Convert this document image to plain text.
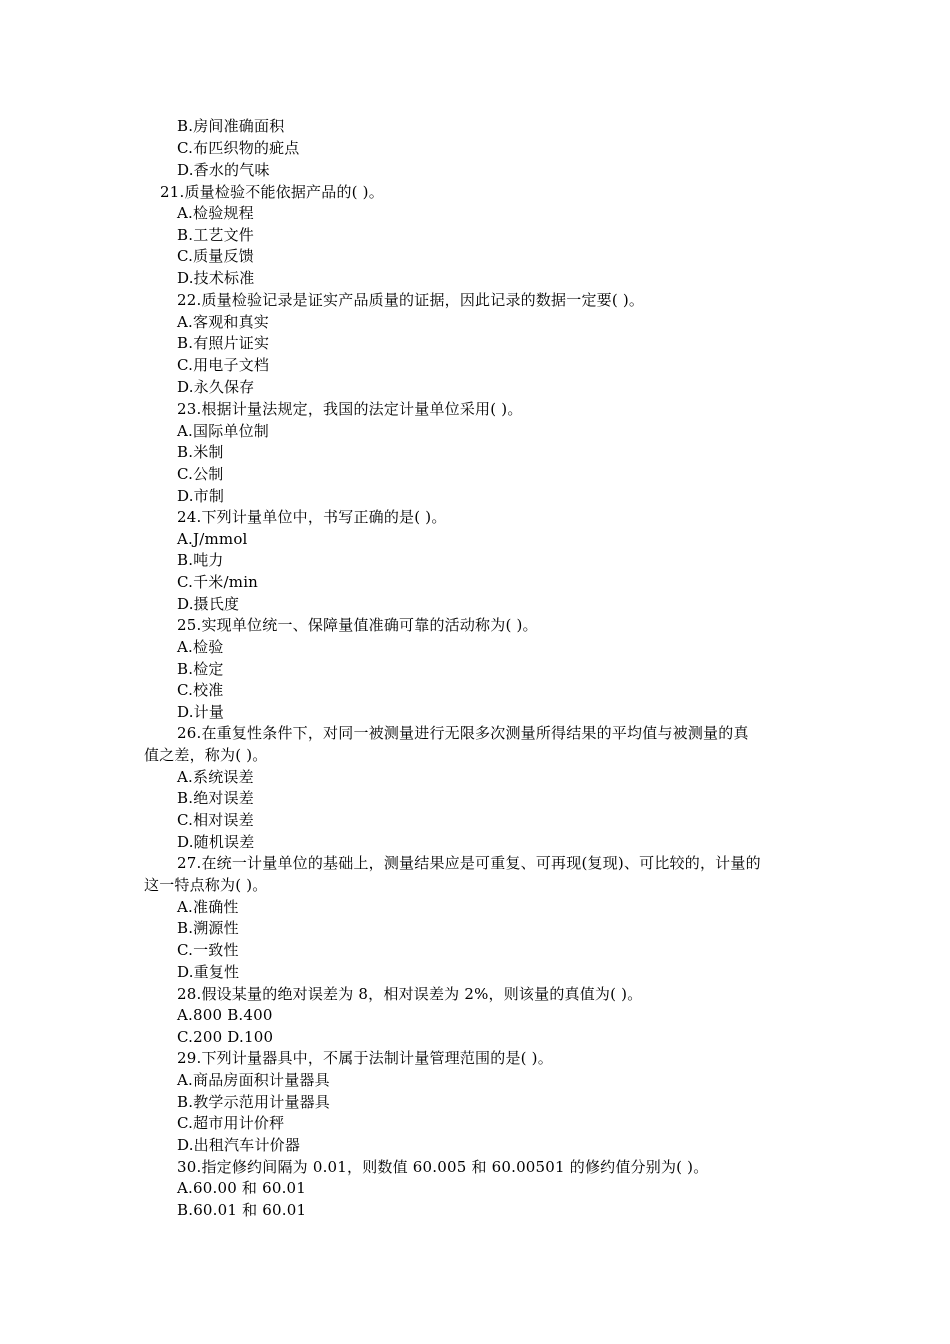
B.房间准确面积
C.布匹织物的疵点
D.香水的气味
21.质量检验不能依据产品的( )。
A.检验规程
B.工艺文件
C.质量反馈
D.技术标准
22.质量检验记录是证实产品质量的证据，因此记录的数据一定要( )。
A.客观和真实
B.有照片证实
C.用电子文档
D.永久保存
23.根据计量法规定，我国的法定计量单位采用( )。
A.国际单位制
B.米制
C.公制
D.市制
24.下列计量单位中，书写正确的是( )。
A.J/mmol
B.吨力
C.千米/min
D.摄氏度
25.实现单位统一、保障量值准确可靠的活动称为( )。
A.检验
B.检定
C.校准
D.计量
26.在重复性条件下，对同一被测量进行无限多次测量所得结果的平均值与被测量的真
值之差，称为( )。
A.系统误差
B.绝对误差
C.相对误差
D.随机误差
27.在统一计量单位的基础上，测量结果应是可重复、可再现(复现)、可比较的，计量的
这一特点称为( )。
A.准确性
B.溯源性
C.一致性
D.重复性
28.假设某量的绝对误差为 8，相对误差为 2%，则该量的真值为( )。
A.800 B.400
C.200 D.100
29.下列计量器具中，不属于法制计量管理范围的是( )。
A.商品房面积计量器具
B.教学示范用计量器具
C.超市用计价秤
D.出租汽车计价器
30.指定修约间隔为 0.01，则数值 60.005 和 60.00501 的修约值分别为( )。
A.60.00 和 60.01
B.60.01 和 60.01
